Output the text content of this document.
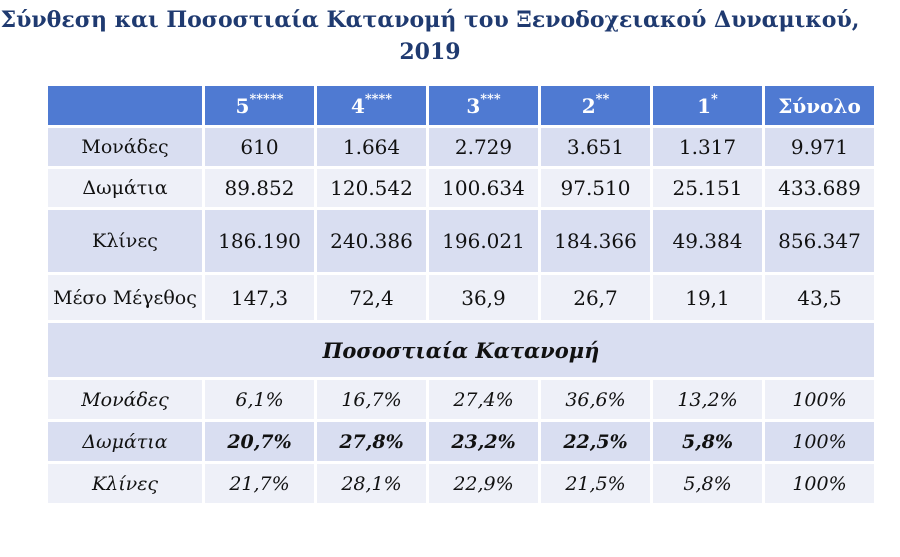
Σύνθεση και Ποσοστιαία Κατανομή του Ξενοδοχειακού Δυναμικού,
2019
	5*****	4****	3***	2**	1*	Σύνολο
Μονάδες	610	1.664	2.729	3.651	1.317	9.971
Δωμάτια	89.852	120.542	100.634	97.510	25.151	433.689
Κλίνες	186.190	240.386	196.021	184.366	49.384	856.347
Μέσο Μέγεθος	147,3	72,4	36,9	26,7	19,1	43,5
Ποσοστιαία Κατανομή						
Μονάδες	6,1%	16,7%	27,4%	36,6%	13,2%	100%
Δωμάτια	20,7%	27,8%	23,2%	22,5%	5,8%	100%
Κλίνες	21,7%	28,1%	22,9%	21,5%	5,8%	100%
